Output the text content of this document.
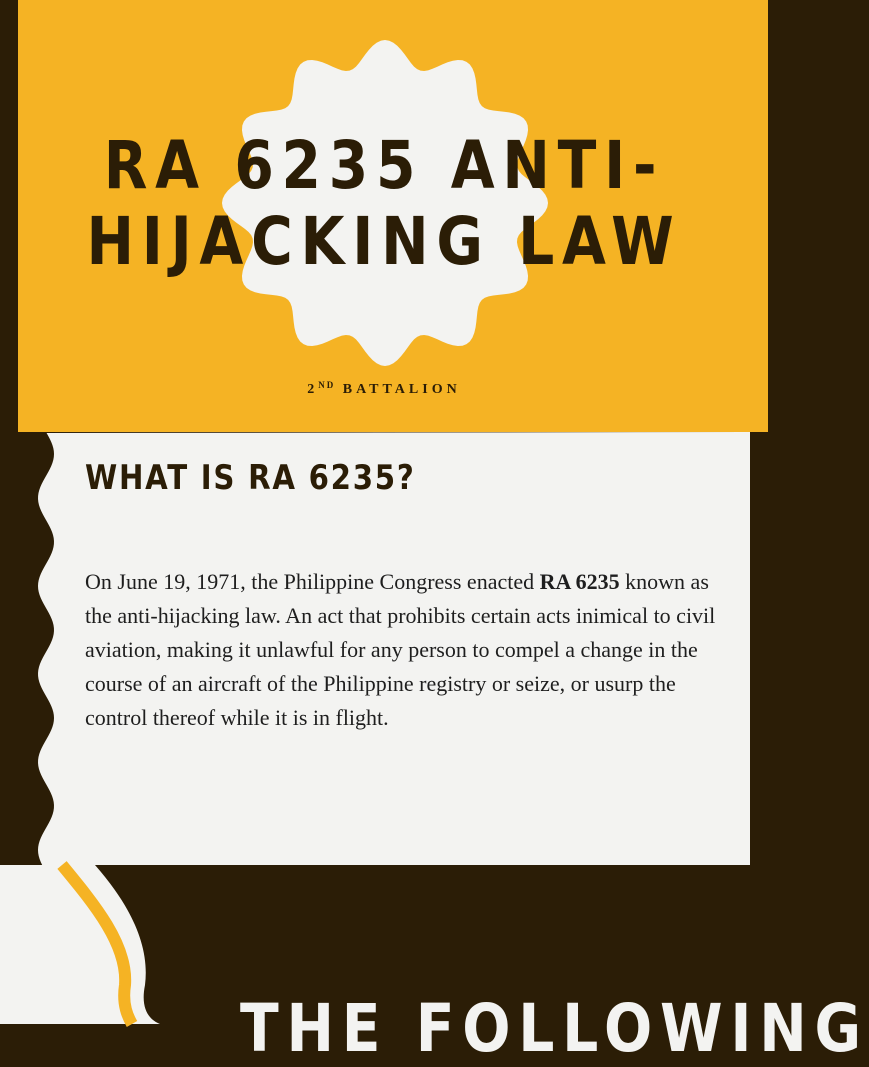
RA 6235 ANTI-
HIJACKING LAW
2ND BATTALION
WHAT IS RA 6235?

On June 19, 1971, the Philippine Congress enacted RA 6235 known as the anti-hijacking law. An act that prohibits certain acts inimical to civil aviation, making it unlawful for any person to compel a change in the course of an aircraft of the Philippine registry or seize, or usurp the control thereof while it is in flight.

THE FOLLOWING
